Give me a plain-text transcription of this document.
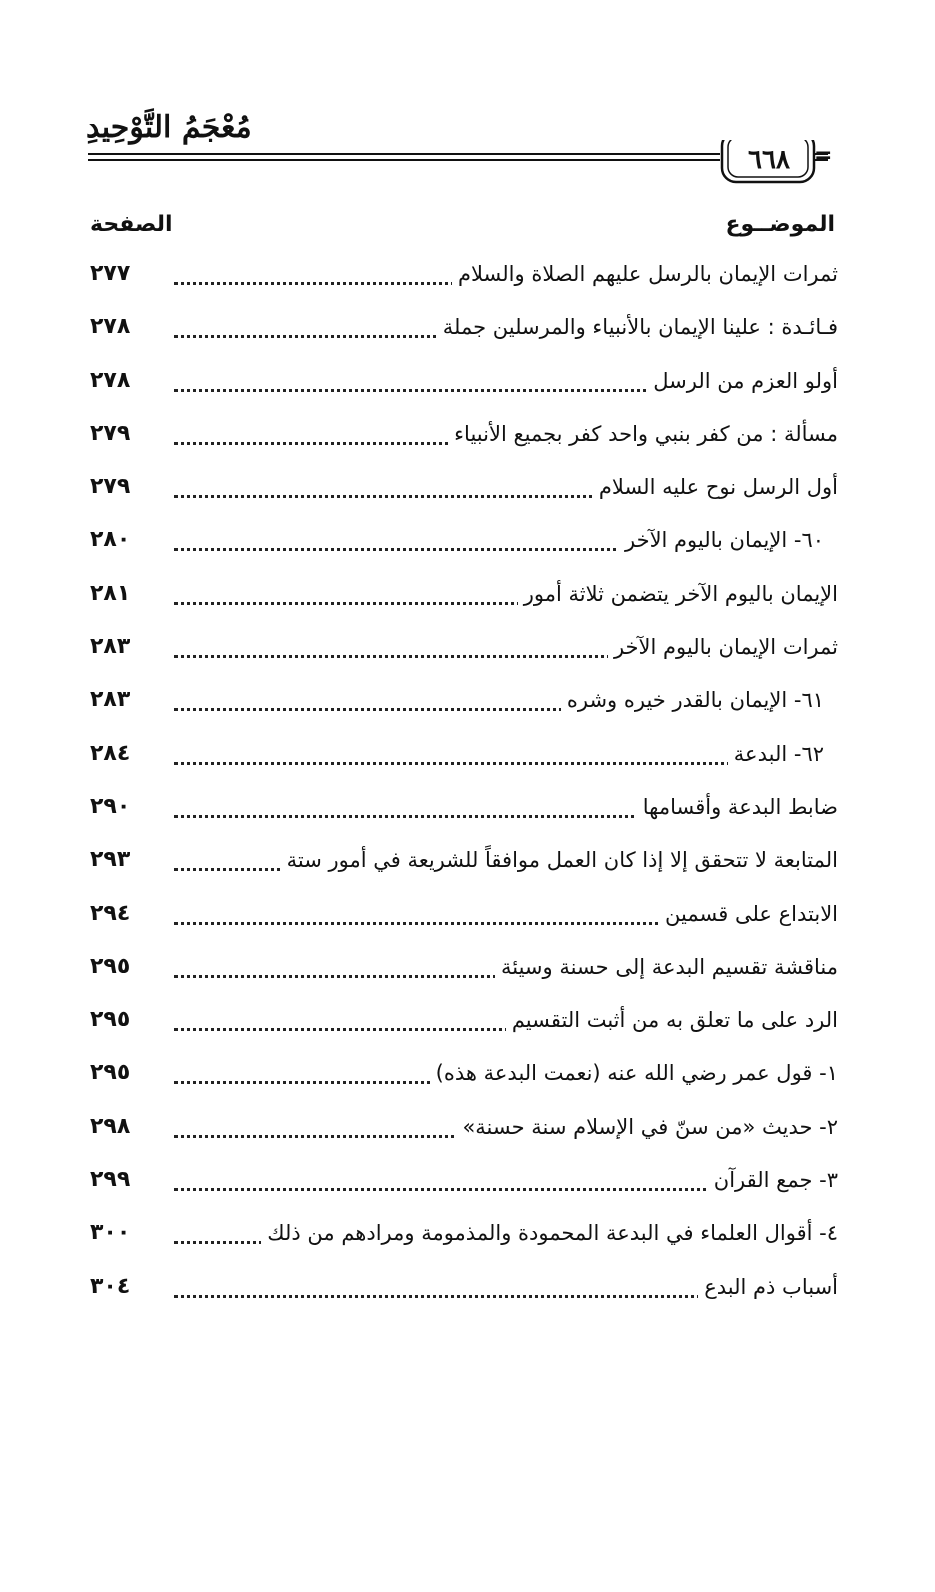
مُعْجَمُ التَّوْحِيدِ
٦٦٨
الموضــوع
الصفحة
ثمرات الإيمان بالرسل عليهم الصلاة والسلام
٢٧٧
فـائـدة : علينا الإيمان بالأنبياء والمرسلين جملة
٢٧٨
أولو العزم من الرسل
٢٧٨
مسألة : من كفر بنبي واحد كفر بجميع الأنبياء
٢٧٩
أول الرسل نوح عليه السلام
٢٧٩
٦٠- الإيمان باليوم الآخر
٢٨٠
الإيمان باليوم الآخر يتضمن ثلاثة أمور
٢٨١
ثمرات الإيمان باليوم الآخر
٢٨٣
٦١- الإيمان بالقدر خيره وشره
٢٨٣
٦٢- البدعة
٢٨٤
ضابط البدعة وأقسامها
٢٩٠
المتابعة لا تتحقق إلا إذا كان العمل موافقاً للشريعة في أمور ستة
٢٩٣
الابتداع على قسمين
٢٩٤
مناقشة تقسيم البدعة إلى حسنة وسيئة
٢٩٥
الرد على ما تعلق به من أثبت التقسيم
٢٩٥
١- قول عمر رضي الله عنه (نعمت البدعة هذه)
٢٩٥
٢- حديث «من سنّ في الإسلام سنة حسنة»
٢٩٨
٣- جمع القرآن
٢٩٩
٤- أقوال العلماء في البدعة المحمودة والمذمومة ومرادهم من ذلك
٣٠٠
أسباب ذم البدع
٣٠٤
=
